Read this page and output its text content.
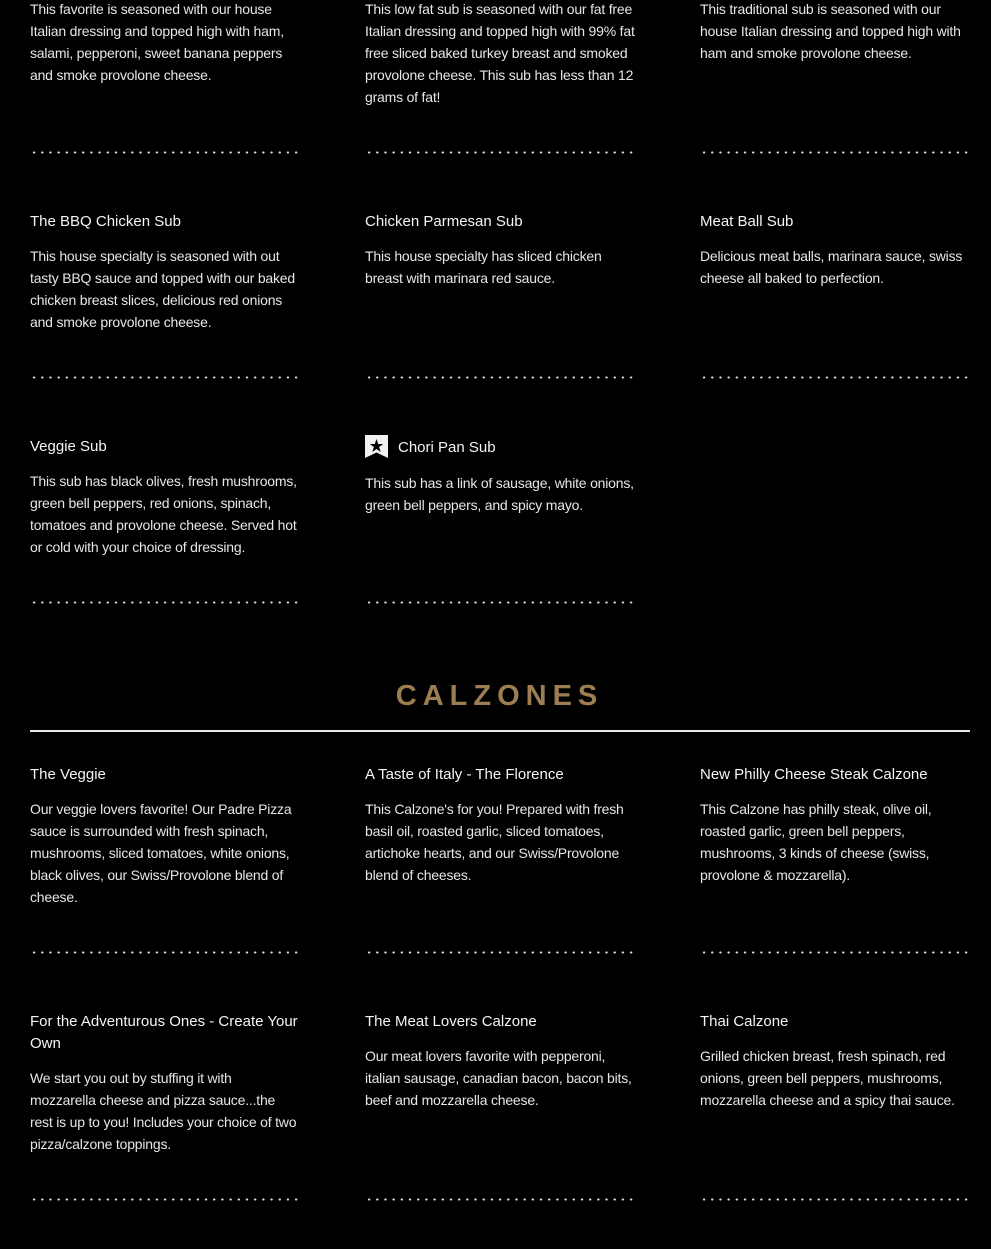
This favorite is seasoned with our house Italian dressing and topped high with ham, salami, pepperoni, sweet banana peppers and smoke provolone cheese.

This low fat sub is seasoned with our fat free Italian dressing and topped high with 99% fat free sliced baked turkey breast and smoked provolone cheese. This sub has less than 12 grams of fat!

This traditional sub is seasoned with our house Italian dressing and topped high with ham and smoke provolone cheese.

The BBQ Chicken Sub

This house specialty is seasoned with out tasty BBQ sauce and topped with our baked chicken breast slices, delicious red onions and smoke provolone cheese.

Chicken Parmesan Sub

This house specialty has sliced chicken breast with marinara red sauce.

Meat Ball Sub

Delicious meat balls, marinara sauce, swiss cheese all baked to perfection.

Veggie Sub

This sub has black olives, fresh mushrooms, green bell peppers, red onions, spinach, tomatoes and provolone cheese. Served hot or cold with your choice of dressing.

Chori Pan Sub

This sub has a link of sausage, white onions, green bell peppers, and spicy mayo.

CALZONES
The Veggie

Our veggie lovers favorite! Our Padre Pizza sauce is surrounded with fresh spinach, mushrooms, sliced tomatoes, white onions, black olives, our Swiss/Provolone blend of cheese.

A Taste of Italy - The Florence

This Calzone's for you! Prepared with fresh basil oil, roasted garlic, sliced tomatoes, artichoke hearts, and our Swiss/Provolone blend of cheeses.

New Philly Cheese Steak Calzone

This Calzone has philly steak, olive oil, roasted garlic, green bell peppers, mushrooms, 3 kinds of cheese (swiss, provolone & mozzarella).

For the Adventurous Ones - Create Your Own

We start you out by stuffing it with mozzarella cheese and pizza sauce...the rest is up to you! Includes your choice of two pizza/calzone toppings.

The Meat Lovers Calzone

Our meat lovers favorite with pepperoni, italian sausage, canadian bacon, bacon bits, beef and mozzarella cheese.

Thai Calzone

Grilled chicken breast, fresh spinach, red onions, green bell peppers, mushrooms, mozzarella cheese and a spicy thai sauce.
